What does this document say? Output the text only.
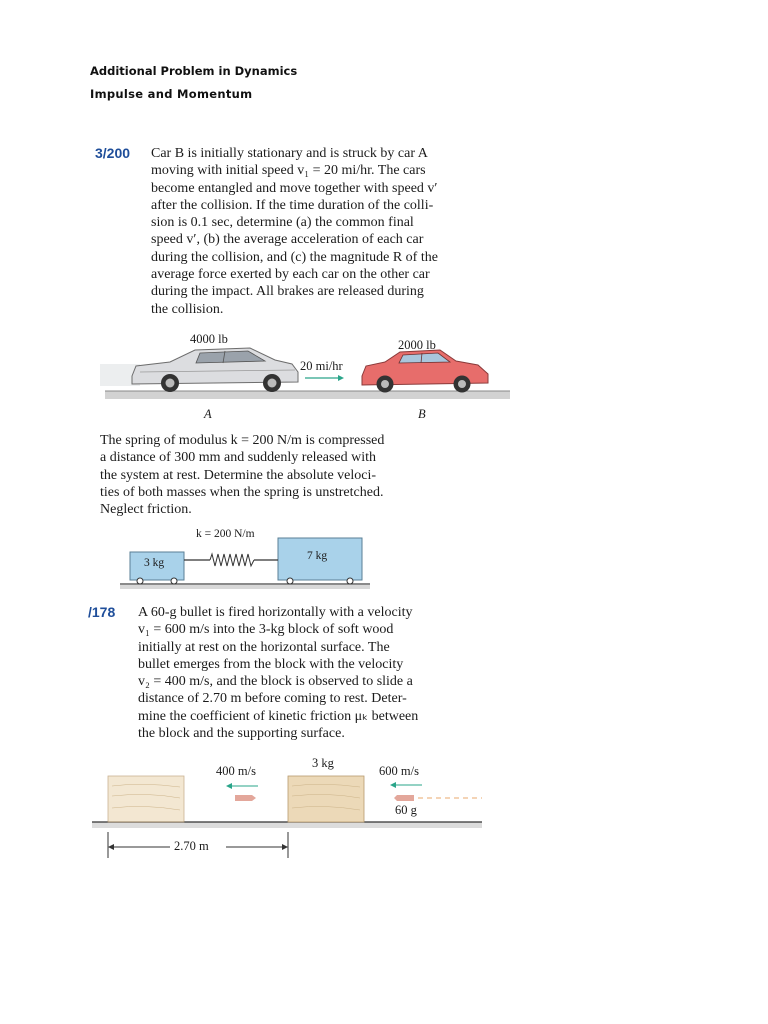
Additional Problem in Dynamics
Impulse and Momentum
3/200 Car B is initially stationary and is struck by car A
moving with initial speed v₁ = 20 mi/hr. The cars
become entangled and move together with speed v′
after the collision. If the time duration of the colli-
sion is 0.1 sec, determine (a) the common final
speed v′, (b) the average acceleration of each car
during the collision, and (c) the magnitude R of the
average force exerted by each car on the other car
during the impact. All brakes are released during
the collision.
4000 lb	2000 lb
20 mi/hr
A	B
The spring of modulus k = 200 N/m is compressed
a distance of 300 mm and suddenly released with
the system at rest. Determine the absolute veloci-
ties of both masses when the spring is unstretched.
Neglect friction.
k = 200 N/m
3 kg
7 kg
/178 A 60-g bullet is fired horizontally with a velocity
v₁ = 600 m/s into the 3-kg block of soft wood
initially at rest on the horizontal surface. The
bullet emerges from the block with the velocity
v₂ = 400 m/s, and the block is observed to slide a
distance of 2.70 m before coming to rest. Deter-
mine the coefficient of kinetic friction μₖ between
the block and the supporting surface.
400 m/s
3 kg
600 m/s
60 g
2.70 m
